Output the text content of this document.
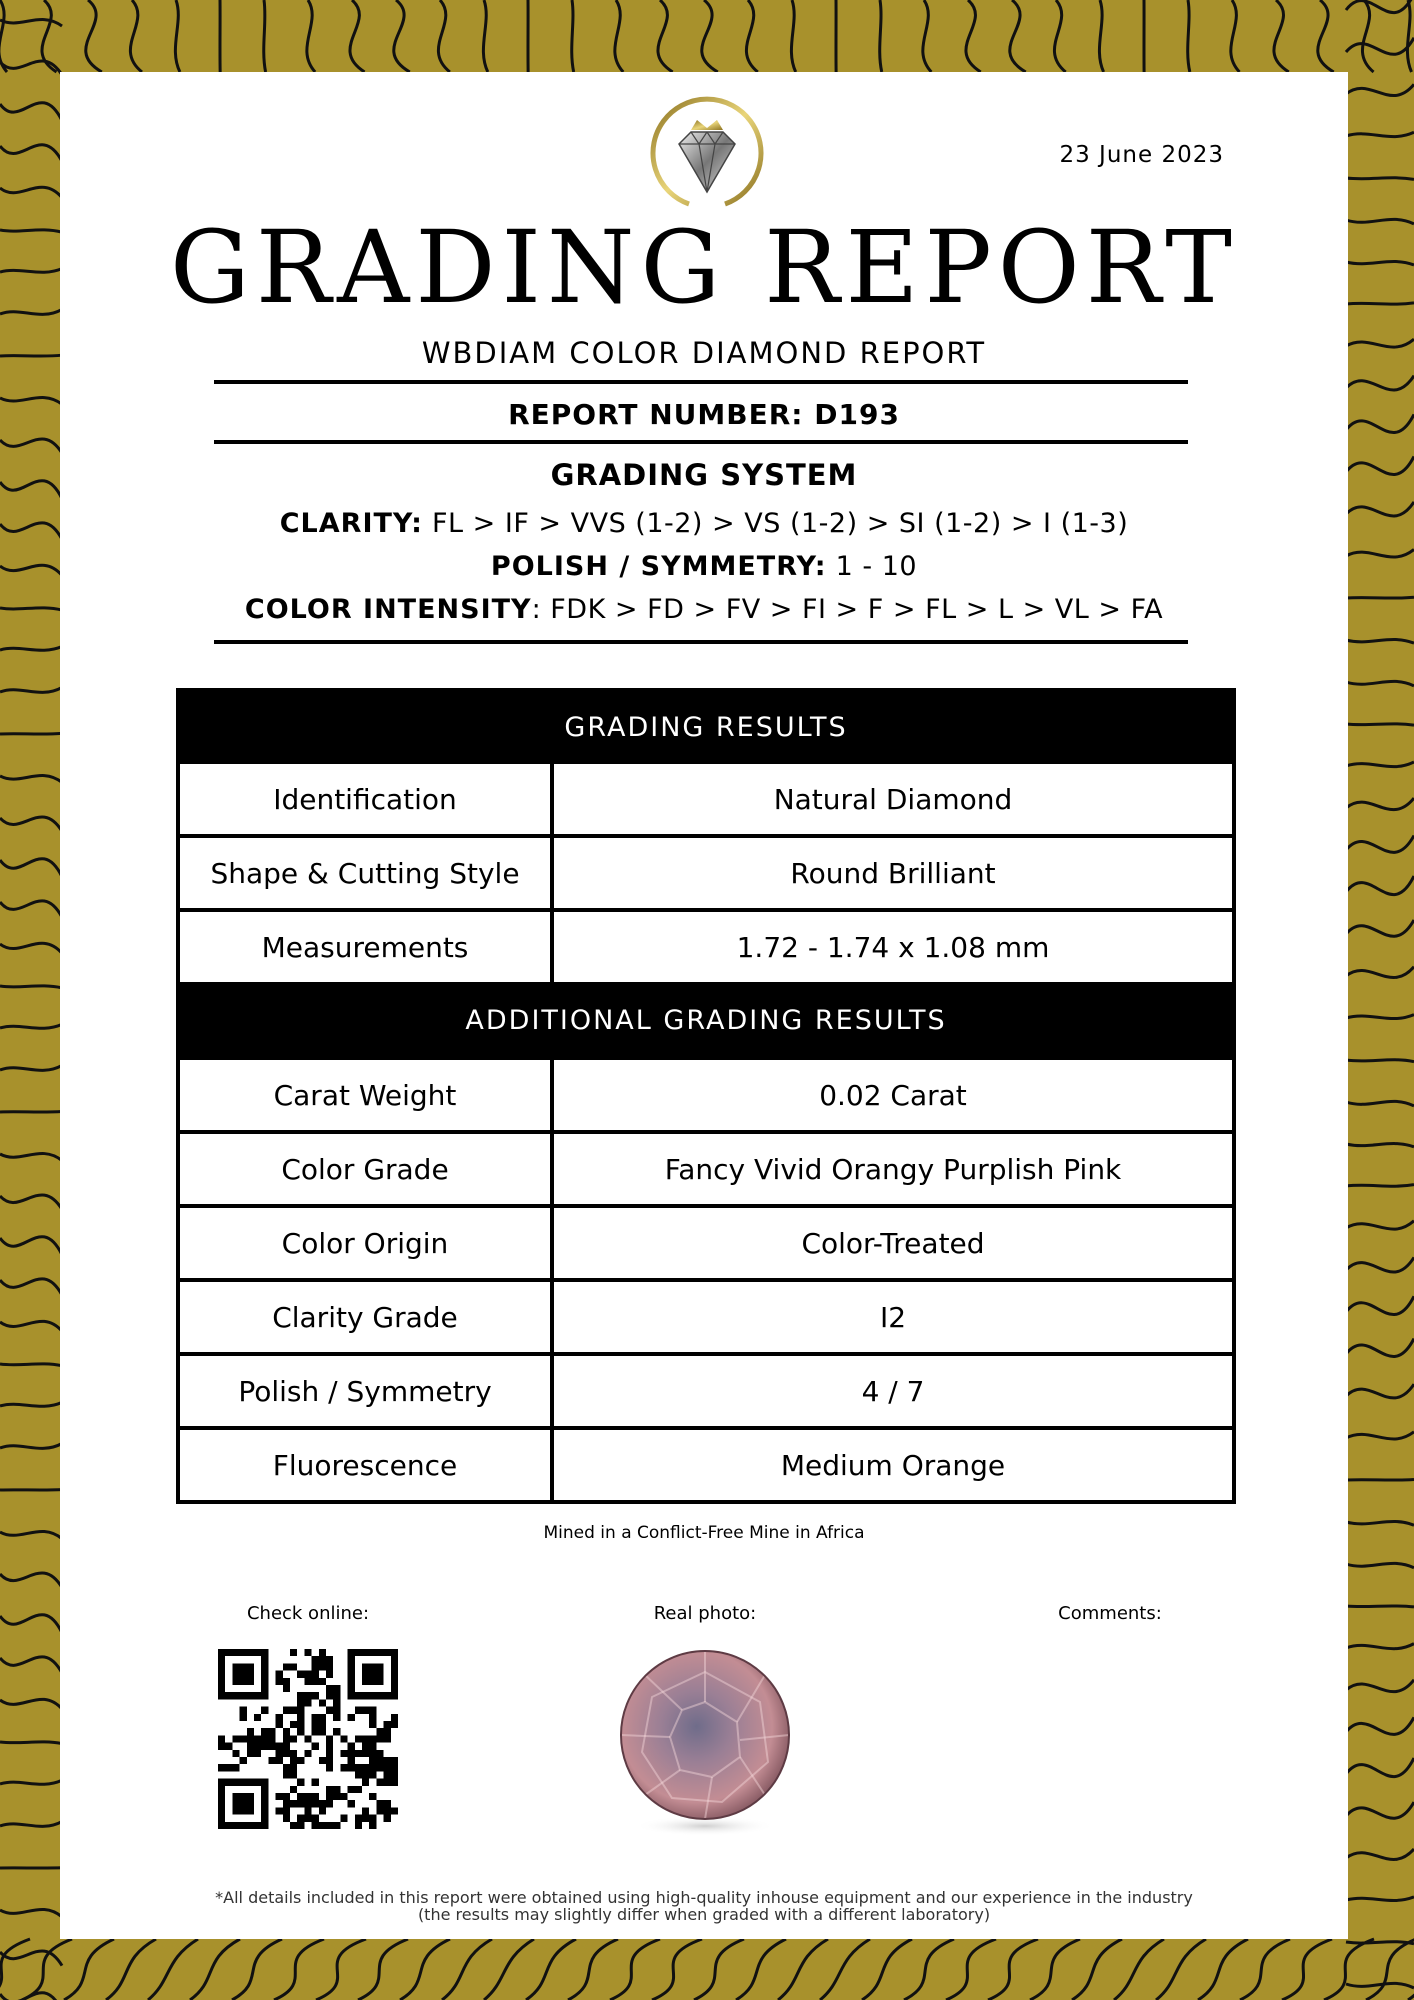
23 June 2023
GRADING REPORT
WBDIAM COLOR DIAMOND REPORT
REPORT NUMBER: D193
GRADING SYSTEM
CLARITY: FL > IF > VVS (1-2) > VS (1-2) > SI (1-2) > I (1-3)
POLISH / SYMMETRY: 1 - 10
COLOR INTENSITY: FDK > FD > FV > FI > F > FL > L > VL > FA
GRADING RESULTS
Identification	Natural Diamond
Shape & Cutting Style	Round Brilliant
Measurements	1.72 - 1.74 x 1.08 mm
ADDITIONAL GRADING RESULTS
Carat Weight	0.02 Carat
Color Grade	Fancy Vivid Orangy Purplish Pink
Color Origin	Color-Treated
Clarity Grade	I2
Polish / Symmetry	4 / 7
Fluorescence	Medium Orange
Mined in a Conflict-Free Mine in Africa
Check online:	Real photo:	Comments:
*All details included in this report were obtained using high-quality inhouse equipment and our experience in the industry
(the results may slightly differ when graded with a different laboratory)
